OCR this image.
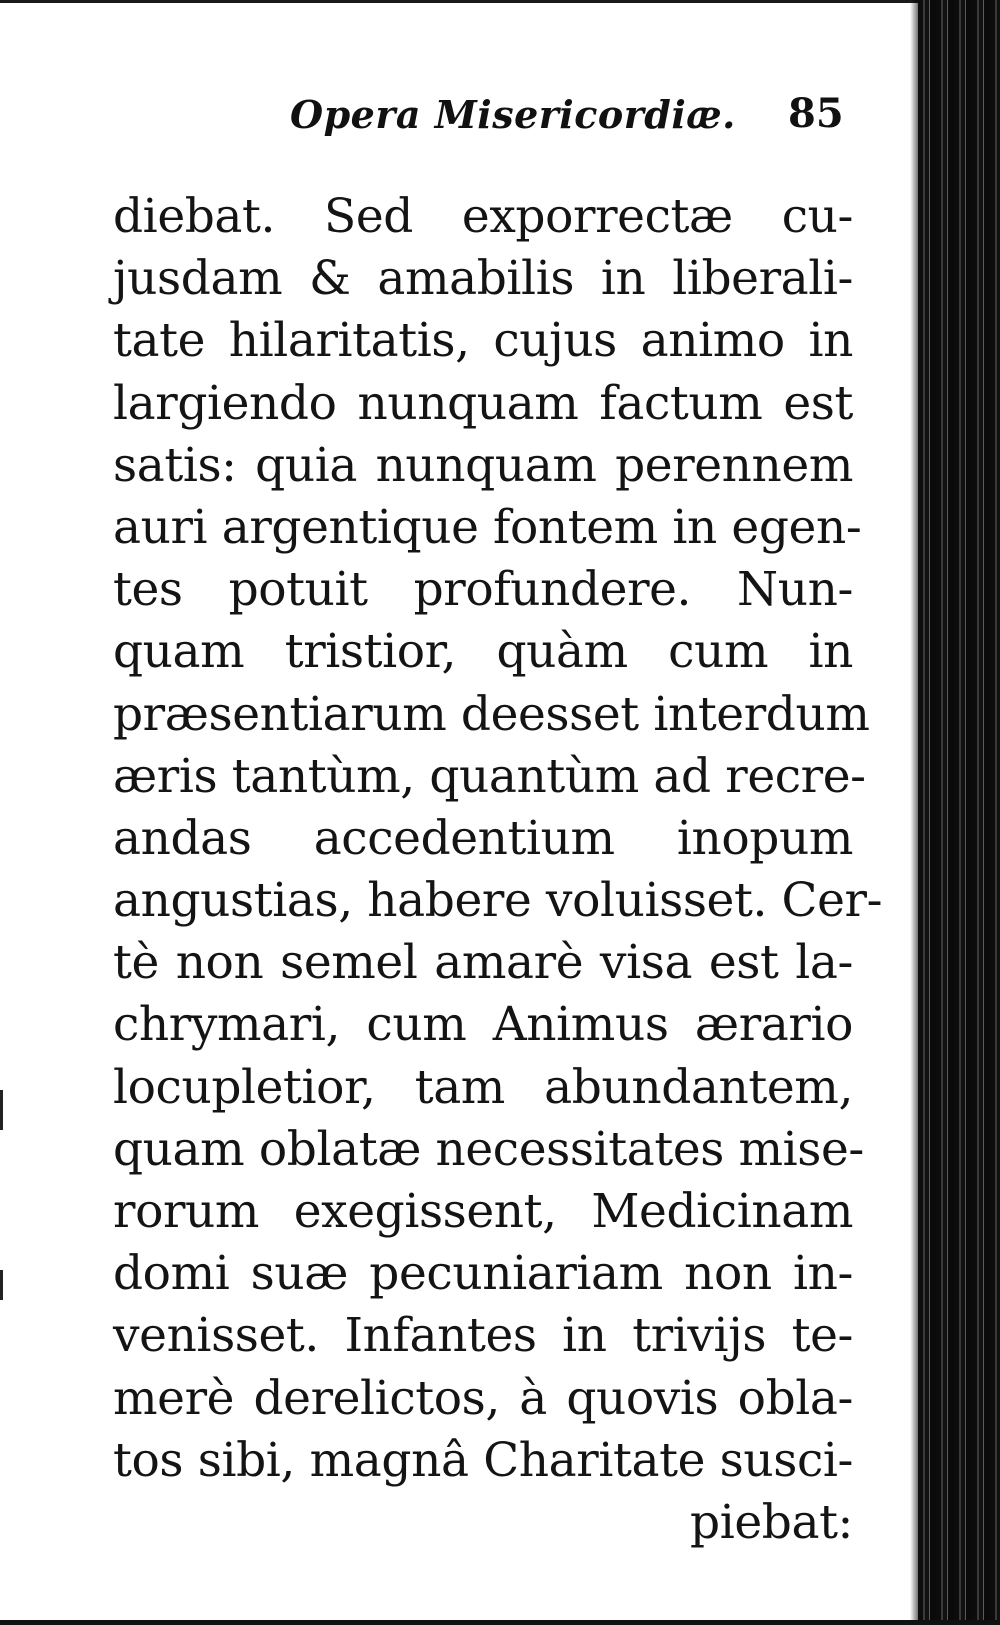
Opera Misericordiæ. 85
diebat. Sed exporrectæ cu-
jusdam & amabilis in liberali-
tate hilaritatis, cujus animo in
largiendo nunquam factum est
satis: quia nunquam perennem
auri argentique fontem in egen-
tes potuit profundere. Nun-
quam tristior, quàm cum in
præsentiarum deesset interdum
æris tantùm, quantùm ad recre-
andas accedentium inopum
angustias, habere voluisset. Cer-
tè non semel amarè visa est la-
chrymari, cum Animus ærario
locupletior, tam abundantem,
quam oblatæ necessitates mise-
rorum exegissent, Medicinam
domi suæ pecuniariam non in-
venisset. Infantes in trivijs te-
merè derelictos, à quovis obla-
tos sibi, magnâ Charitate susci-
piebat:
